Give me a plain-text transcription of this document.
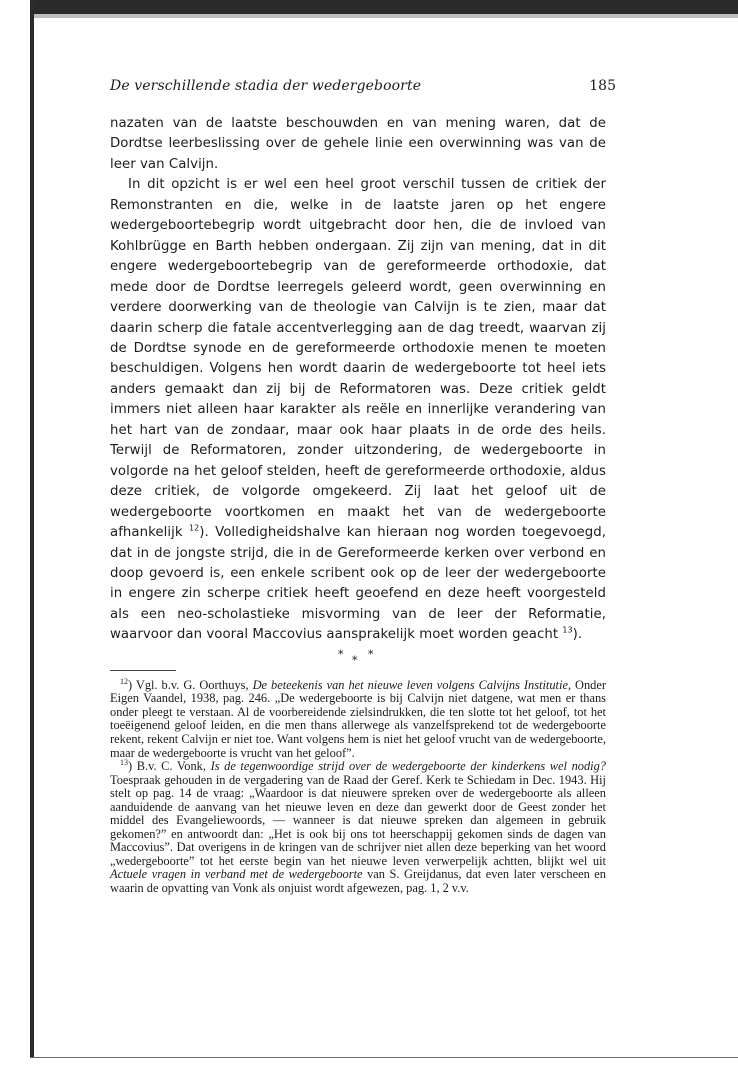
De verschillende stadia der wedergeboorte	185

nazaten van de laatste beschouwden en van mening waren, dat de Dordtse leerbeslissing over de gehele linie een overwinning was van de leer van Calvijn.

In dit opzicht is er wel een heel groot verschil tussen de critiek der Remonstranten en die, welke in de laatste jaren op het engere wedergeboortebegrip wordt uitgebracht door hen, die de invloed van Kohlbrügge en Barth hebben ondergaan. Zij zijn van mening, dat in dit engere wedergeboortebegrip van de gereformeerde orthodoxie, dat mede door de Dordtse leerregels geleerd wordt, geen overwinning en verdere doorwerking van de theologie van Calvijn is te zien, maar dat daarin scherp die fatale accentverlegging aan de dag treedt, waarvan zij de Dordtse synode en de gereformeerde orthodoxie menen te moeten beschuldigen. Volgens hen wordt daarin de wedergeboorte tot heel iets anders gemaakt dan zij bij de Reformatoren was. Deze critiek geldt immers niet alleen haar karakter als reële en innerlijke verandering van het hart van de zondaar, maar ook haar plaats in de orde des heils. Terwijl de Reformatoren, zonder uitzondering, de wedergeboorte in volgorde na het geloof stelden, heeft de gereformeerde orthodoxie, aldus deze critiek, de volgorde omgekeerd. Zij laat het geloof uit de wedergeboorte voortkomen en maakt het van de wedergeboorte afhankelijk $^{12}$). Volledigheidshalve kan hieraan nog worden toegevoegd, dat in de jongste strijd, die in de Gereformeerde kerken over verbond en doop gevoerd is, een enkele scribent ook op de leer der wedergeboorte in engere zin scherpe critiek heeft geoefend en deze heeft voorgesteld als een neo-scholastieke misvorming van de leer der Reformatie, waarvoor dan vooral Maccovius aansprakelijk moet worden geacht $^{13}$).

* * *

$^{12}$) Vgl. b.v. G. Oorthuys, De beteekenis van het nieuwe leven volgens Calvijns Institutie, Onder Eigen Vaandel, 1938, pag. 246. „De wedergeboorte is bij Calvijn niet datgene, wat men er thans onder pleegt te verstaan. Al de voorbereidende zielsindrukken, die ten slotte tot het geloof, tot het toeëigenend geloof leiden, en die men thans allerwege als vanzelfsprekend tot de wedergeboorte rekent, rekent Calvijn er niet toe. Want volgens hem is niet het geloof vrucht van de wedergeboorte, maar de wedergeboorte is vrucht van het geloof”.

$^{13}$) B.v. C. Vonk, Is de tegenwoordige strijd over de wedergeboorte der kinderkens wel nodig? Toespraak gehouden in de vergadering van de Raad der Geref. Kerk te Schiedam in Dec. 1943. Hij stelt op pag. 14 de vraag: „Waardoor is dat nieuwere spreken over de wedergeboorte als alleen aanduidende de aanvang van het nieuwe leven en deze dan gewerkt door de Geest zonder het middel des Evangeliewoords, — wanneer is dat nieuwe spreken dan algemeen in gebruik gekomen?” en antwoordt dan: „Het is ook bij ons tot heerschappij gekomen sinds de dagen van Maccovius”. Dat overigens in de kringen van de schrijver niet allen deze beperking van het woord „wedergeboorte” tot het eerste begin van het nieuwe leven verwerpelijk achtten, blijkt wel uit Actuele vragen in verband met de wedergeboorte van S. Greijdanus, dat even later verscheen en waarin de opvatting van Vonk als onjuist wordt afgewezen, pag. 1, 2 v.v.
